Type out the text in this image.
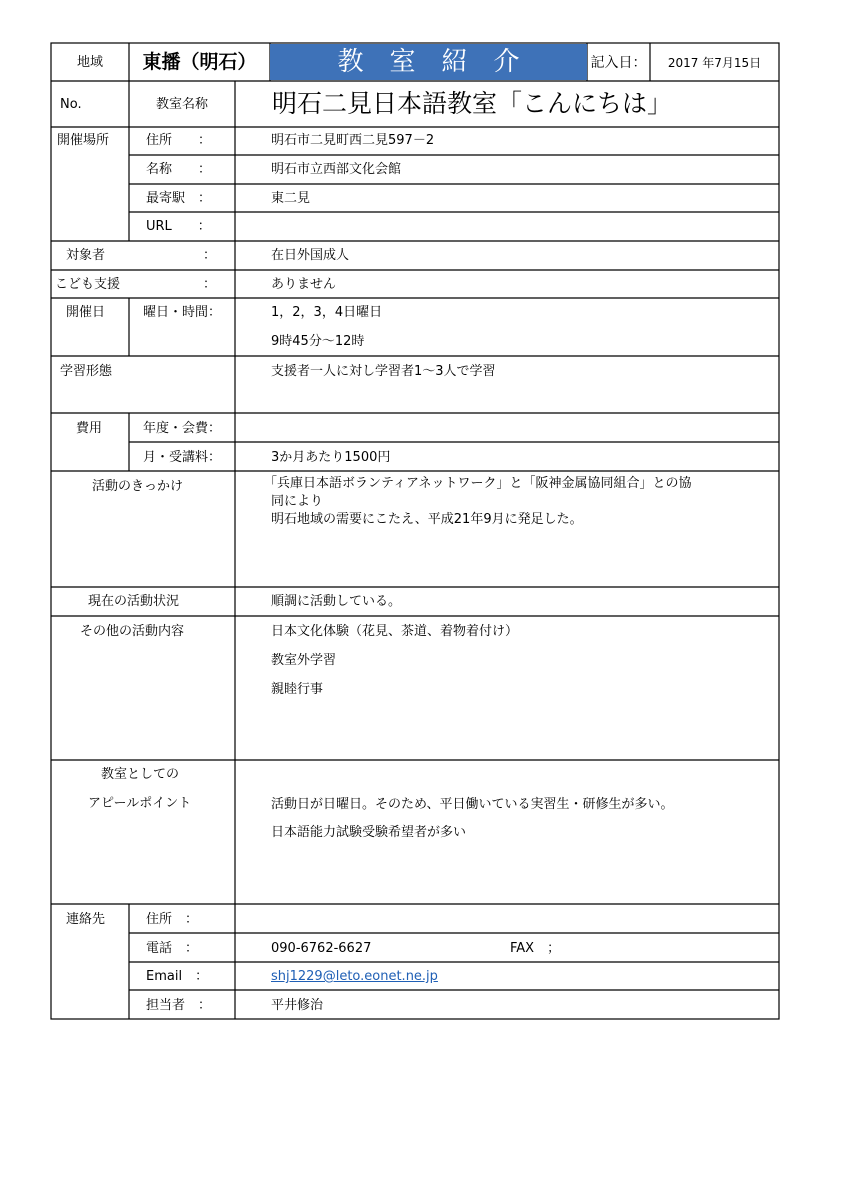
地域	東播（明石）	教室紹介	記入日：	2017 年7月15日
No.	教室名称	明石二見日本語教室「こんにちは」
開催場所	住所　　：	明石市二見町西二見597－2
名称　　：	明石市立西部文化会館
最寄駅　：	東二見
URL　　：
対象者	：	在日外国成人
こども支援	：	ありません
開催日	曜日・時間：	1，2，3，4日曜日
9時45分～12時
学習形態	支援者一人に対し学習者1～3人で学習
費用	年度・会費：
月・受講料：	3か月あたり1500円
活動のきっかけ	「兵庫日本語ボランティアネットワーク」と「阪神金属協同組合」との協
同により
明石地域の需要にこたえ、平成21年9月に発足した。
現在の活動状況	順調に活動している。
その他の活動内容	日本文化体験（花見、茶道、着物着付け）
教室外学習
親睦行事
教室としての
アピールポイント	活動日が日曜日。そのため、平日働いている実習生・研修生が多い。
日本語能力試験受験希望者が多い
連絡先	住所　：
電話　：	090-6762-6627	FAX　；
Email　：	shj1229@leto.eonet.ne.jp
担当者　：	平井修治
